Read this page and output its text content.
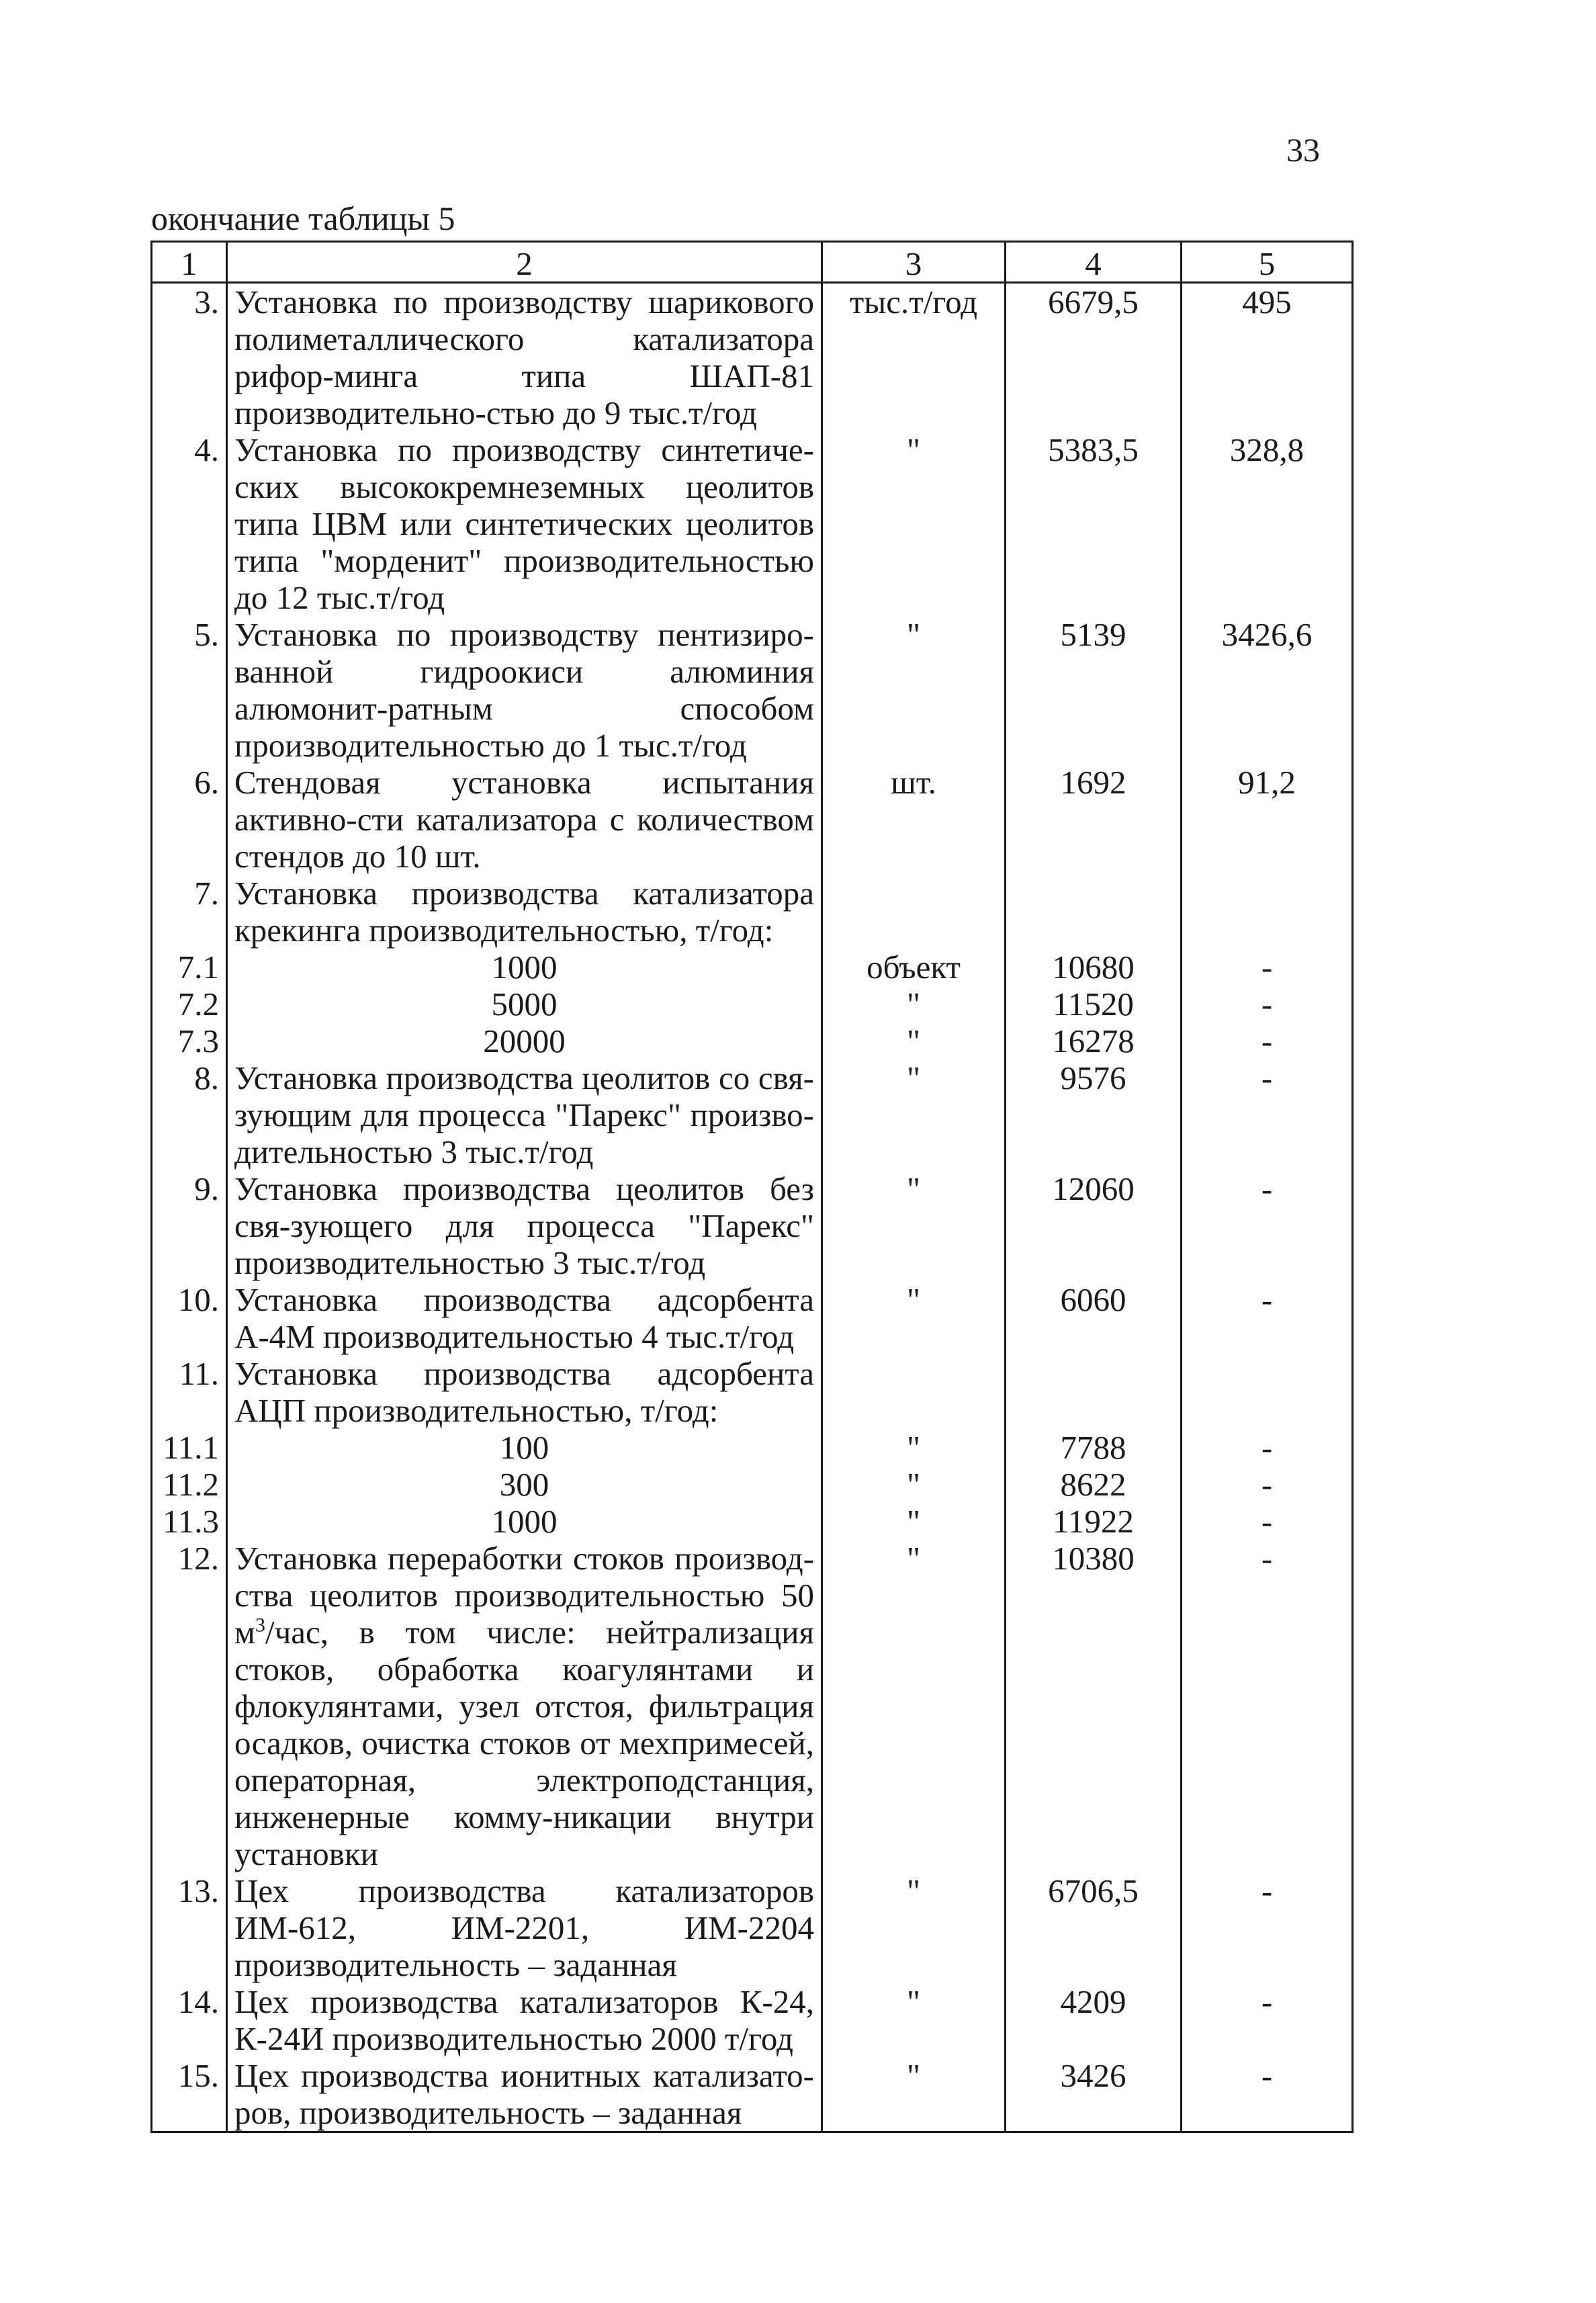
33
окончание таблицы 5
1	2	3	4	5
3.	Установка по производству шарикового полиметаллического катализатора рифор-минга типа ШАП-81 производительно-стью до 9 тыс.т/год	тыс.т/год	6679,5	495
4.	Установка по производству синтетиче-ских высококремнеземных цеолитов типа ЦВМ или синтетических цеолитов типа "морденит" производительностью до 12 тыс.т/год	"	5383,5	328,8
5.	Установка по производству пентизиро-ванной гидроокиси алюминия алюмонит-ратным способом производительностью до 1 тыс.т/год	"	5139	3426,6
6.	Стендовая установка испытания активно-сти катализатора с количеством стендов до 10 шт.	шт.	1692	91,2
7.	Установка производства катализатора крекинга производительностью, т/год:			
7.1	1000	объект	10680	-
7.2	5000	"	11520	-
7.3	20000	"	16278	-
8.	Установка производства цеолитов со свя-зующим для процесса "Парекс" произво-дительностью 3 тыс.т/год	"	9576	-
9.	Установка производства цеолитов без свя-зующего для процесса "Парекс" производительностью 3 тыс.т/год	"	12060	-
10.	Установка производства адсорбента А-4М производительностью 4 тыс.т/год	"	6060	-
11.	Установка производства адсорбента АЦП производительностью, т/год:			
11.1	100	"	7788	-
11.2	300	"	8622	-
11.3	1000	"	11922	-
12.	Установка переработки стоков производ-ства цеолитов производительностью 50 $м^3$/час, в том числе: нейтрализация стоков, обработка коагулянтами и флокулянтами, узел отстоя, фильтрация осадков, очистка стоков от мехпримесей, операторная, электроподстанция, инженерные комму-никации внутри установки	"	10380	-
13.	Цех производства катализаторов ИМ-612, ИМ-2201, ИМ-2204 производительность – заданная	"	6706,5	-
14.	Цех производства катализаторов К-24, К-24И производительностью 2000 т/год	"	4209	-
15.	Цех производства ионитных катализато-ров, производительность – заданная	"	3426	-
